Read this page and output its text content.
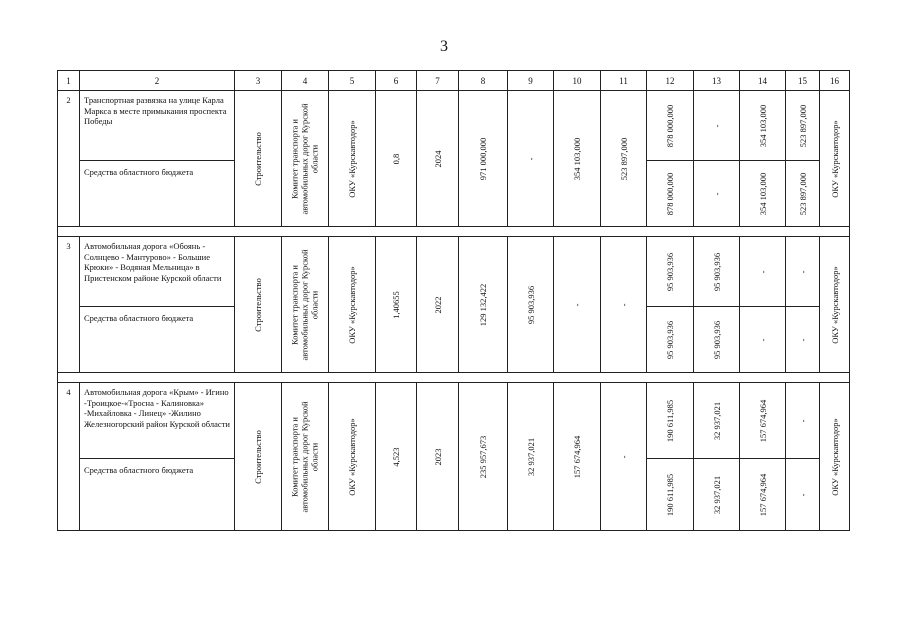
3
1	2	3	4	5	6	7	8	9	10	11	12	13	14	15	16
2	Транспортная развязка на улице Карла Маркса в месте примыкания проспекта Победы	Строительство	Комитет транспорта и автомобильных дорог Курской области	ОКУ «Курскавтодор»	0,8	2024	971 000,000	-	354 103,000	523 897,000	878 000,000	-	354 103,000	523 897,000	ОКУ «Курскавтодор»

	Средства областного бюджета										878 000,000	-	354 103,000	523 897,000	

3	Автомобильная дорога «Обоянь - Солнцево - Мантурово» - Большие Крюки» - Водяная Мельница» в Пристенском районе Курской области	Строительство	Комитет транспорта и автомобильных дорог Курской области	ОКУ «Курскавтодор»	1,40655	2022	129 132,422	95 903,936	-	-	95 903,936	95 903,936	-	-	ОКУ «Курскавтодор»

	Средства областного бюджета										95 903,936	95 903,936	-	-	

4	Автомобильная дорога «Крым» - Игино -Троицкое-«Тросна - Калиновка» -Михайловка - Линец» -Жилино Железногорский район Курской области	Строительство	Комитет транспорта и автомобильных дорог Курской области	ОКУ «Курскавтодор»	4,523	2023	235 957,673	32 937,021	157 674,964	-	190 611,985	32 937,021	157 674,964	-	ОКУ «Курскавтодор»

	Средства областного бюджета										190 611,985	32 937,021	157 674,964	-	
